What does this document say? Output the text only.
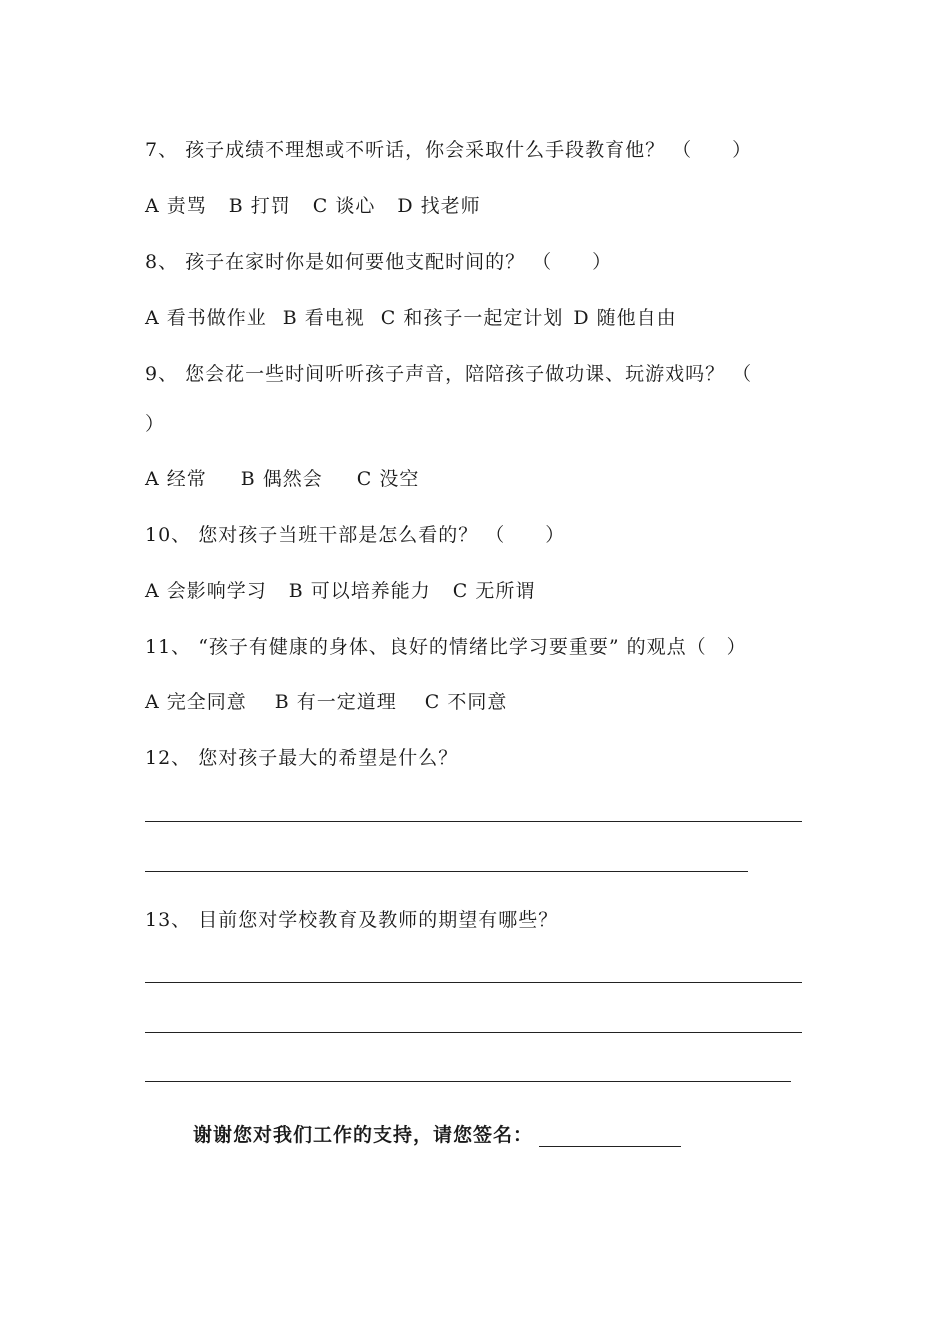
7、 孩子成绩不理想或不听话，你会采取什么手段教育他？ （　　）
A 责骂 B 打罚 C 谈心 D 找老师
8、 孩子在家时你是如何要他支配时间的？ （　　）
A 看书做作业 B 看电视 C 和孩子一起定计划 D 随他自由
9、 您会花一些时间听听孩子声音，陪陪孩子做功课、玩游戏吗？ （
）
A 经常 B 偶然会 C 没空
10、 您对孩子当班干部是怎么看的？ （　　）
A 会影响学习 B 可以培养能力 C 无所谓
11、 “孩子有健康的身体、良好的情绪比学习要重要” 的观点（　）
A 完全同意 B 有一定道理 C 不同意
12、 您对孩子最大的希望是什么？
13、 目前您对学校教育及教师的期望有哪些？
谢谢您对我们工作的支持，请您签名：
